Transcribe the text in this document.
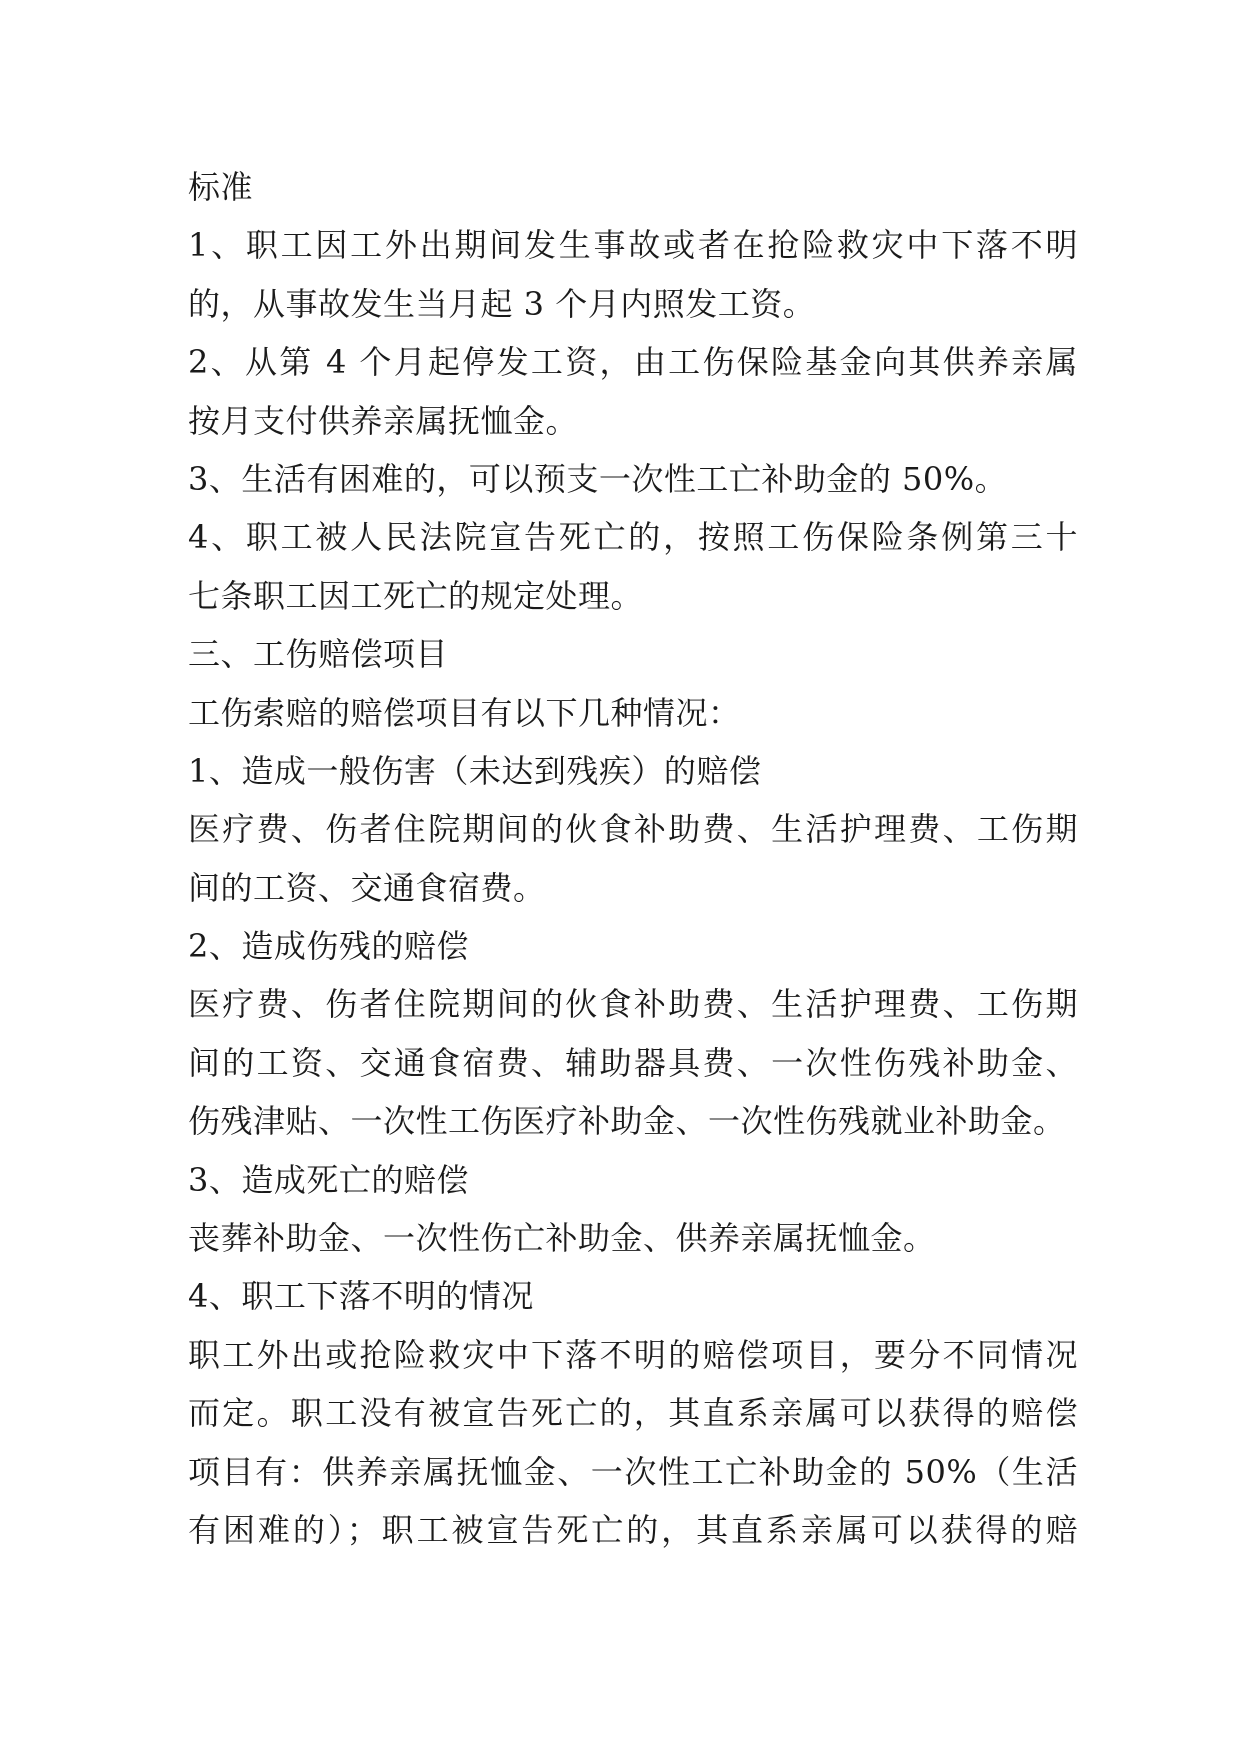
标准
1、职工因工外出期间发生事故或者在抢险救灾中下落不明
的，从事故发生当月起 3 个月内照发工资。
2、从第 4 个月起停发工资，由工伤保险基金向其供养亲属
按月支付供养亲属抚恤金。
3、生活有困难的，可以预支一次性工亡补助金的 50%。
4、职工被人民法院宣告死亡的，按照工伤保险条例第三十
七条职工因工死亡的规定处理。
三、工伤赔偿项目
工伤索赔的赔偿项目有以下几种情况：
1、造成一般伤害（未达到残疾）的赔偿
医疗费、伤者住院期间的伙食补助费、生活护理费、工伤期
间的工资、交通食宿费。
2、造成伤残的赔偿
医疗费、伤者住院期间的伙食补助费、生活护理费、工伤期
间的工资、交通食宿费、辅助器具费、一次性伤残补助金、
伤残津贴、一次性工伤医疗补助金、一次性伤残就业补助金。
3、造成死亡的赔偿
丧葬补助金、一次性伤亡补助金、供养亲属抚恤金。
4、职工下落不明的情况
职工外出或抢险救灾中下落不明的赔偿项目，要分不同情况
而定。职工没有被宣告死亡的，其直系亲属可以获得的赔偿
项目有：供养亲属抚恤金、一次性工亡补助金的 50%（生活
有困难的）；职工被宣告死亡的，其直系亲属可以获得的赔
